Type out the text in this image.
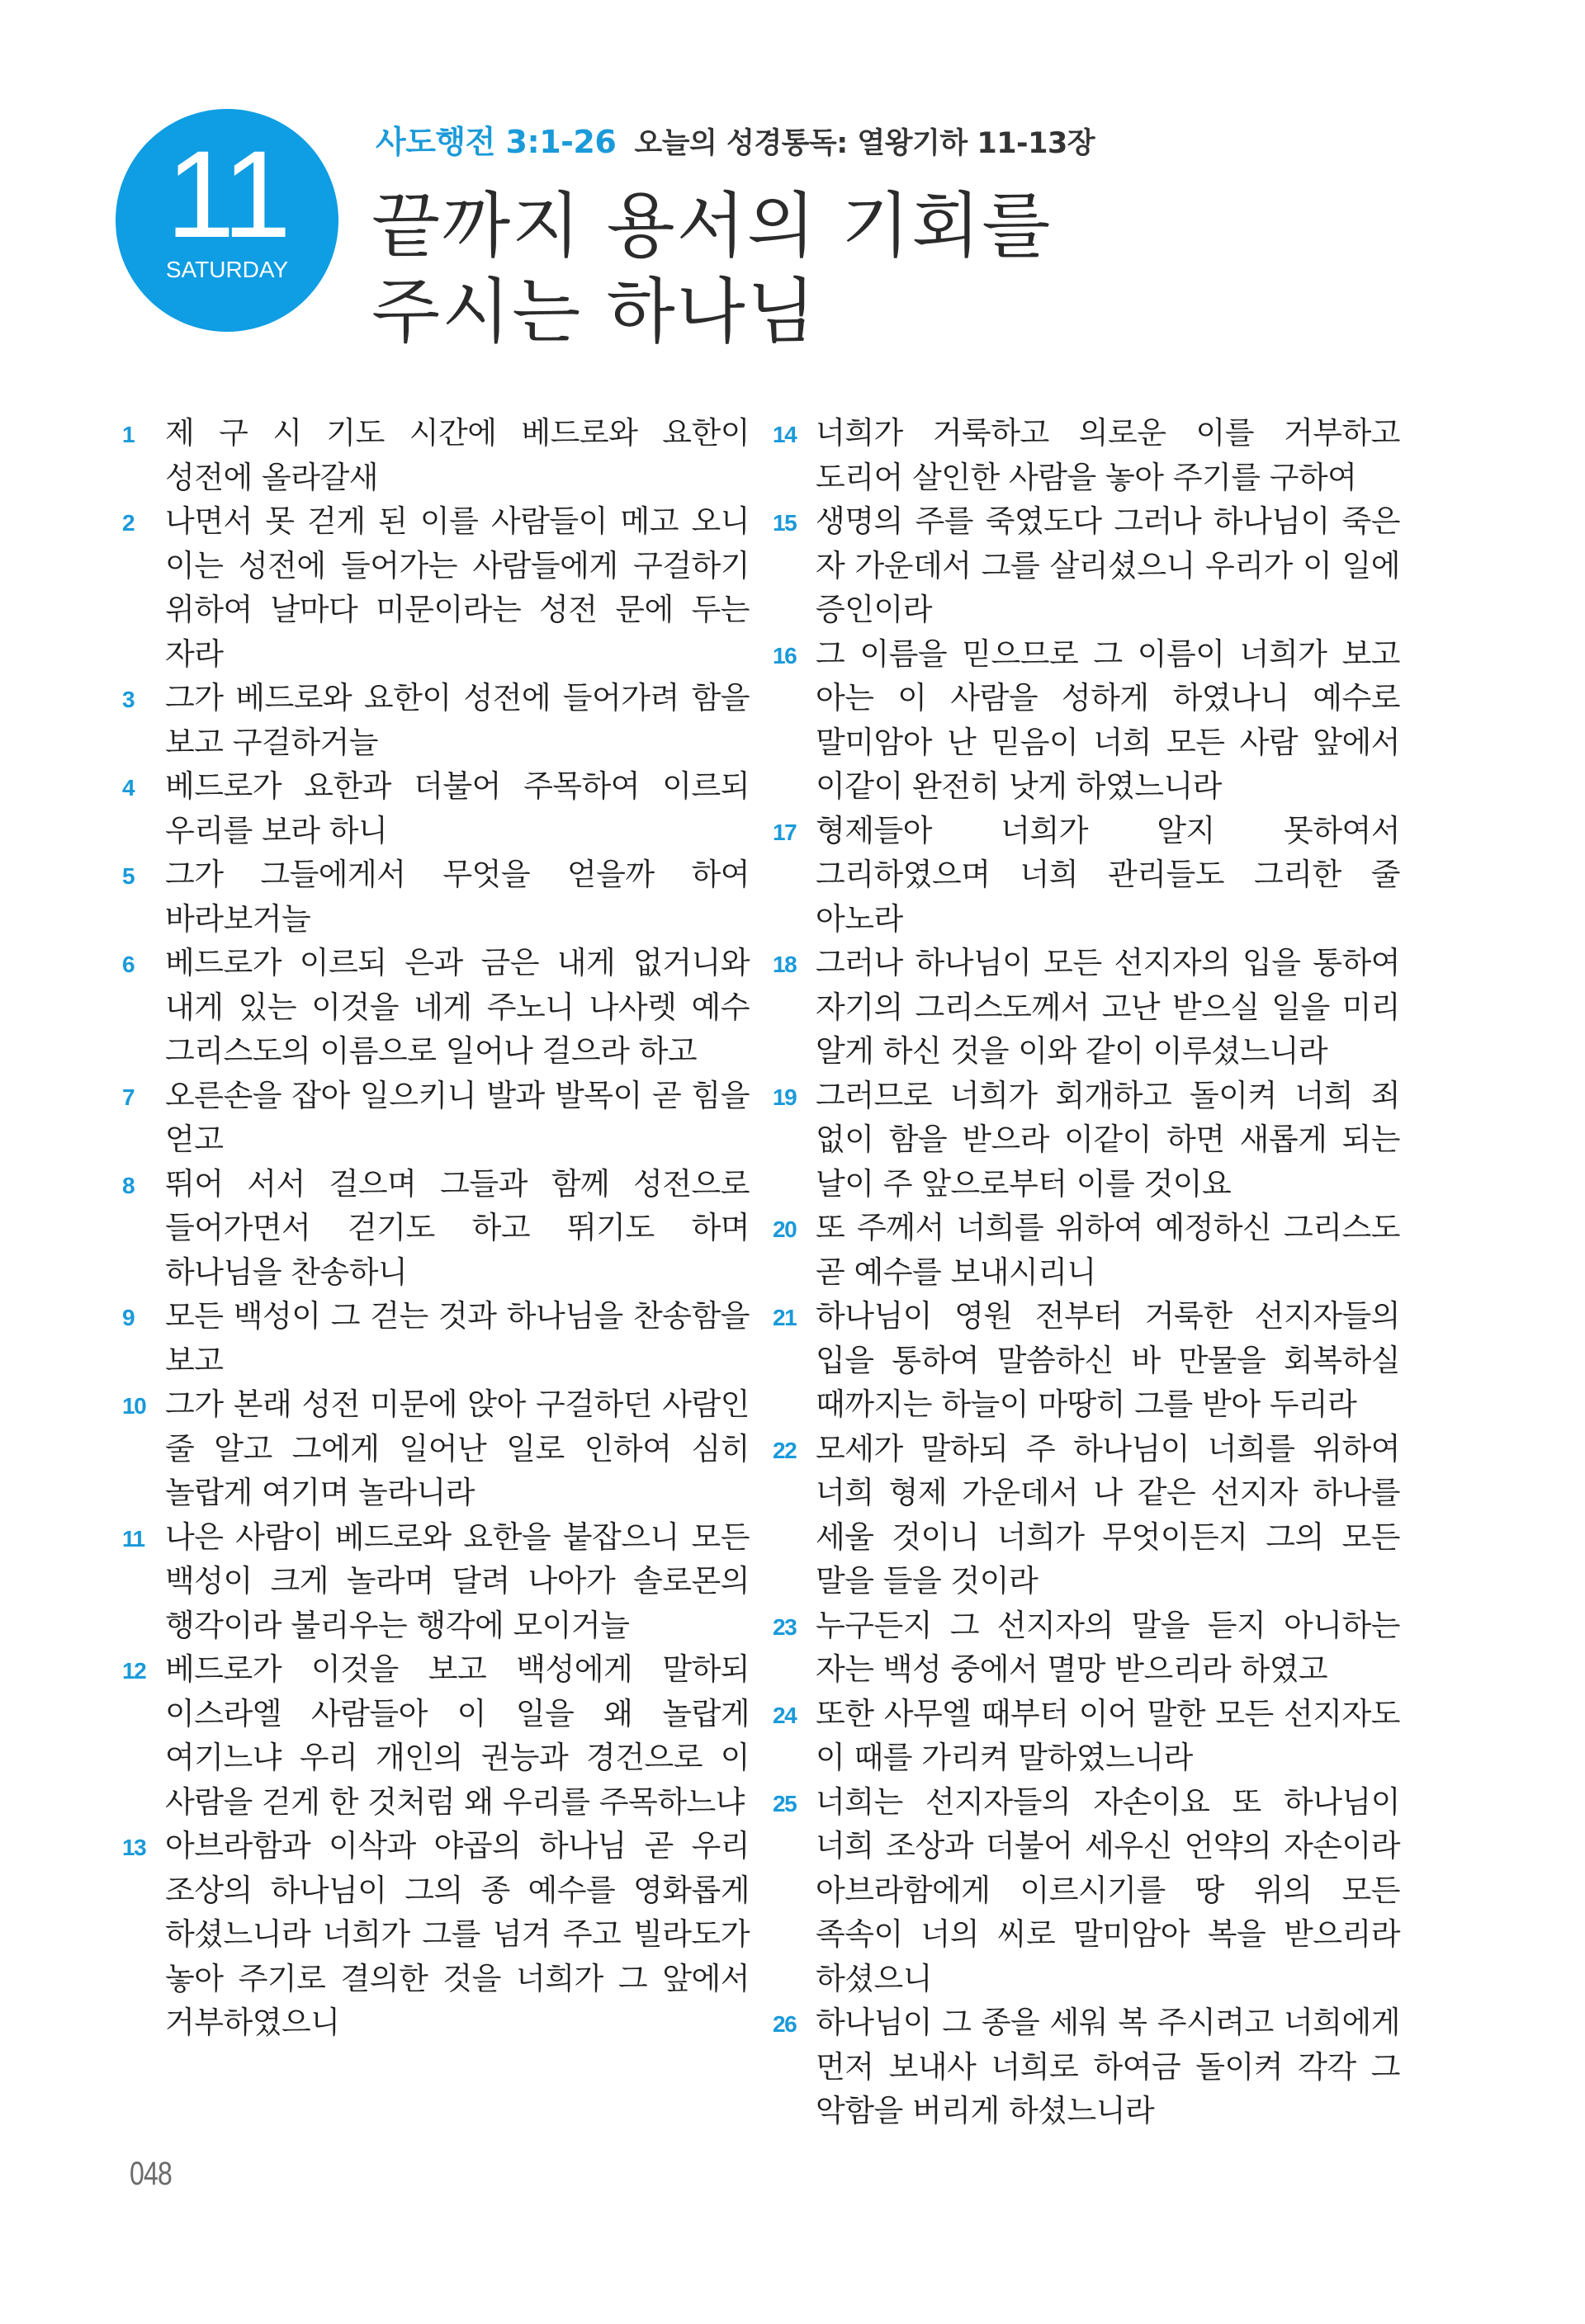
11
SATURDAY
사도행전 3:1-26 오늘의 성경통독: 열왕기하 11-13장
끝까지 용서의 기회를
주시는 하나님
1	제 구 시 기도 시간에 베드로와 요한이 성전에 올라갈새
2	나면서 못 걷게 된 이를 사람들이 메고 오니 이는 성전에 들어가는 사람들에게 구걸하기 위하여 날마다 미문이라는 성전 문에 두는 자라
3	그가 베드로와 요한이 성전에 들어가려 함을 보고 구걸하거늘
4	베드로가 요한과 더불어 주목하여 이르되 우리를 보라 하니
5	그가 그들에게서 무엇을 얻을까 하여 바라보거늘
6	베드로가 이르되 은과 금은 내게 없거니와 내게 있는 이것을 네게 주노니 나사렛 예수 그리스도의 이름으로 일어나 걸으라 하고
7	오른손을 잡아 일으키니 발과 발목이 곧 힘을 얻고
8	뛰어 서서 걸으며 그들과 함께 성전으로 들어가면서 걷기도 하고 뛰기도 하며 하나님을 찬송하니
9	모든 백성이 그 걷는 것과 하나님을 찬송함을 보고
10 그가 본래 성전 미문에 앉아 구걸하던 사람인 줄 알고 그에게 일어난 일로 인하여 심히 놀랍게 여기며 놀라니라
11 나은 사람이 베드로와 요한을 붙잡으니 모든 백성이 크게 놀라며 달려 나아가 솔로몬의 행각이라 불리우는 행각에 모이거늘
12 베드로가 이것을 보고 백성에게 말하되 이스라엘 사람들아 이 일을 왜 놀랍게 여기느냐 우리 개인의 권능과 경건으로 이 사람을 걷게 한 것처럼 왜 우리를 주목하느냐
13 아브라함과 이삭과 야곱의 하나님 곧 우리 조상의 하나님이 그의 종 예수를 영화롭게 하셨느니라 너희가 그를 넘겨 주고 빌라도가 놓아 주기로 결의한 것을 너희가 그 앞에서 거부하였으니
14 너희가 거룩하고 의로운 이를 거부하고 도리어 살인한 사람을 놓아 주기를 구하여
15 생명의 주를 죽였도다 그러나 하나님이 죽은 자 가운데서 그를 살리셨으니 우리가 이 일에 증인이라
16 그 이름을 믿으므로 그 이름이 너희가 보고 아는 이 사람을 성하게 하였나니 예수로 말미암아 난 믿음이 너희 모든 사람 앞에서 이같이 완전히 낫게 하였느니라
17 형제들아 너희가 알지 못하여서 그리하였으며 너희 관리들도 그리한 줄 아노라
18 그러나 하나님이 모든 선지자의 입을 통하여 자기의 그리스도께서 고난 받으실 일을 미리 알게 하신 것을 이와 같이 이루셨느니라
19 그러므로 너희가 회개하고 돌이켜 너희 죄 없이 함을 받으라 이같이 하면 새롭게 되는 날이 주 앞으로부터 이를 것이요
20 또 주께서 너희를 위하여 예정하신 그리스도 곧 예수를 보내시리니
21 하나님이 영원 전부터 거룩한 선지자들의 입을 통하여 말씀하신 바 만물을 회복하실 때까지는 하늘이 마땅히 그를 받아 두리라
22 모세가 말하되 주 하나님이 너희를 위하여 너희 형제 가운데서 나 같은 선지자 하나를 세울 것이니 너희가 무엇이든지 그의 모든 말을 들을 것이라
23 누구든지 그 선지자의 말을 듣지 아니하는 자는 백성 중에서 멸망 받으리라 하였고
24 또한 사무엘 때부터 이어 말한 모든 선지자도 이 때를 가리켜 말하였느니라
25 너희는 선지자들의 자손이요 또 하나님이 너희 조상과 더불어 세우신 언약의 자손이라 아브라함에게 이르시기를 땅 위의 모든 족속이 너의 씨로 말미암아 복을 받으리라 하셨으니
26 하나님이 그 종을 세워 복 주시려고 너희에게 먼저 보내사 너희로 하여금 돌이켜 각각 그 악함을 버리게 하셨느니라
048
